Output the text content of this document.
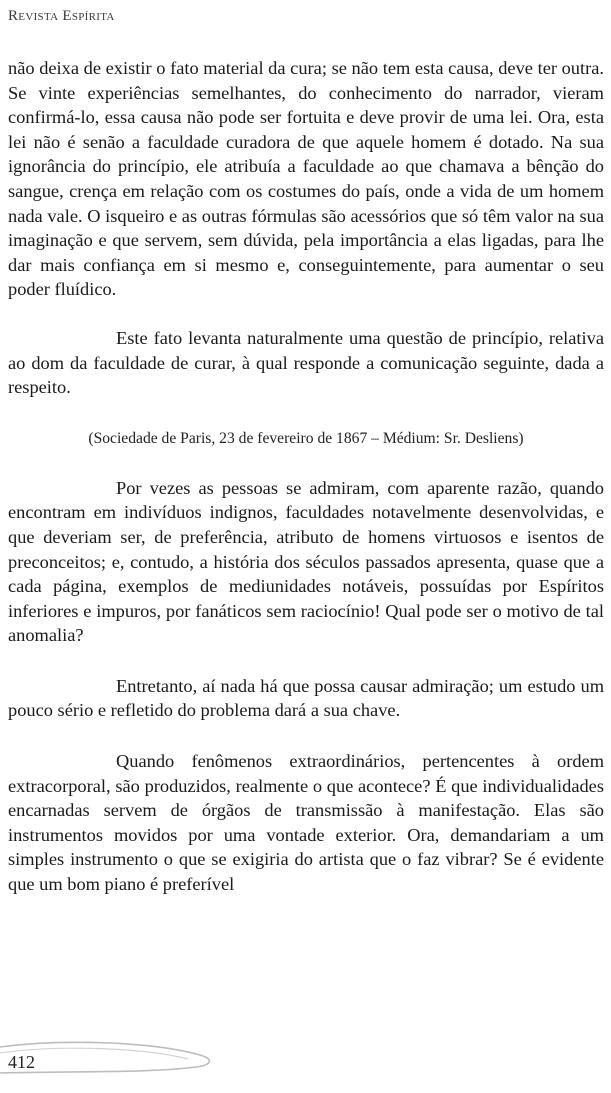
Revista Espírita

não deixa de existir o fato material da cura; se não tem esta causa, deve ter outra. Se vinte experiências semelhantes, do conhecimento do narrador, vieram confirmá-lo, essa causa não pode ser fortuita e deve provir de uma lei. Ora, esta lei não é senão a faculdade curadora de que aquele homem é dotado. Na sua ignorância do princípio, ele atribuía a faculdade ao que chamava a bênção do sangue, crença em relação com os costumes do país, onde a vida de um homem nada vale. O isqueiro e as outras fórmulas são acessórios que só têm valor na sua imaginação e que servem, sem dúvida, pela importância a elas ligadas, para lhe dar mais confiança em si mesmo e, conseguintemente, para aumentar o seu poder fluídico.

Este fato levanta naturalmente uma questão de princípio, relativa ao dom da faculdade de curar, à qual responde a comunicação seguinte, dada a respeito.

(Sociedade de Paris, 23 de fevereiro de 1867 – Médium: Sr. Desliens)

Por vezes as pessoas se admiram, com aparente razão, quando encontram em indivíduos indignos, faculdades notavelmente desenvolvidas, e que deveriam ser, de preferência, atributo de homens virtuosos e isentos de preconceitos; e, contudo, a história dos séculos passados apresenta, quase que a cada página, exemplos de mediunidades notáveis, possuídas por Espíritos inferiores e impuros, por fanáticos sem raciocínio! Qual pode ser o motivo de tal anomalia?

Entretanto, aí nada há que possa causar admiração; um estudo um pouco sério e refletido do problema dará a sua chave.

Quando fenômenos extraordinários, pertencentes à ordem extracorporal, são produzidos, realmente o que acontece? É que individualidades encarnadas servem de órgãos de transmissão à manifestação. Elas são instrumentos movidos por uma vontade exterior. Ora, demandariam a um simples instrumento o que se exigiria do artista que o faz vibrar? Se é evidente que um bom piano é preferível

412
